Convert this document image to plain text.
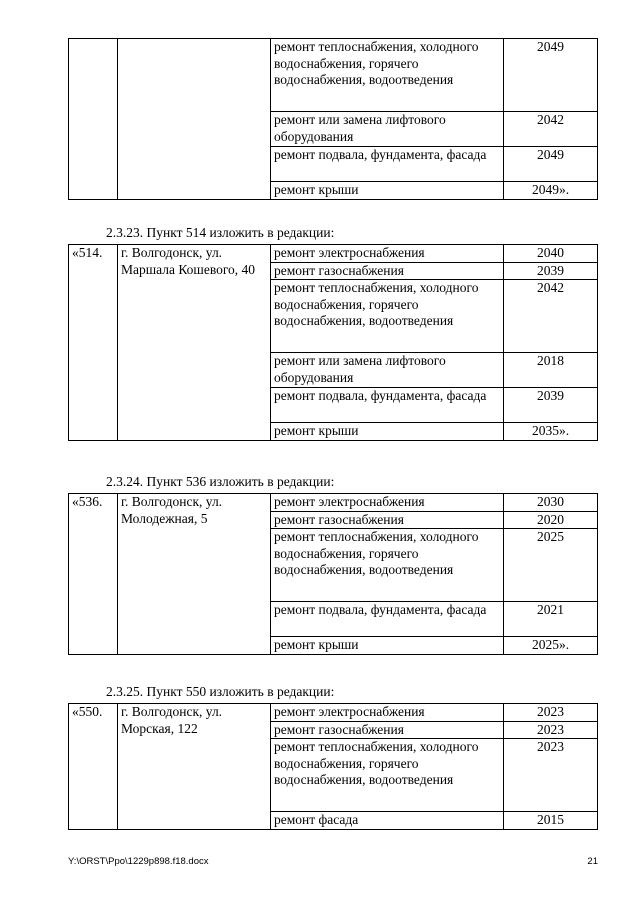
		ремонт теплоснабжения, холодного водоснабжения, горячего водоснабжения, водоотведения	2049
		ремонт или замена лифтового оборудования	2042
		ремонт подвала, фундамента, фасада	2049
		ремонт крыши	2049».
2.3.23. Пункт 514 изложить в редакции:
«514.	г. Волгодонск, ул. Маршала Кошевого, 40	ремонт электроснабжения	2040
		ремонт газоснабжения	2039
		ремонт теплоснабжения, холодного водоснабжения, горячего водоснабжения, водоотведения	2042
		ремонт или замена лифтового оборудования	2018
		ремонт подвала, фундамента, фасада	2039
		ремонт крыши	2035».
2.3.24. Пункт 536 изложить в редакции:
«536.	г. Волгодонск, ул. Молодежная, 5	ремонт электроснабжения	2030
		ремонт газоснабжения	2020
		ремонт теплоснабжения, холодного водоснабжения, горячего водоснабжения, водоотведения	2025
		ремонт подвала, фундамента, фасада	2021
		ремонт крыши	2025».
2.3.25. Пункт 550 изложить в редакции:
«550.	г. Волгодонск, ул. Морская, 122	ремонт электроснабжения	2023
		ремонт газоснабжения	2023
		ремонт теплоснабжения, холодного водоснабжения, горячего водоснабжения, водоотведения	2023
		ремонт фасада	2015
Y:\ORST\Ppo\1229p898.f18.docx	21
